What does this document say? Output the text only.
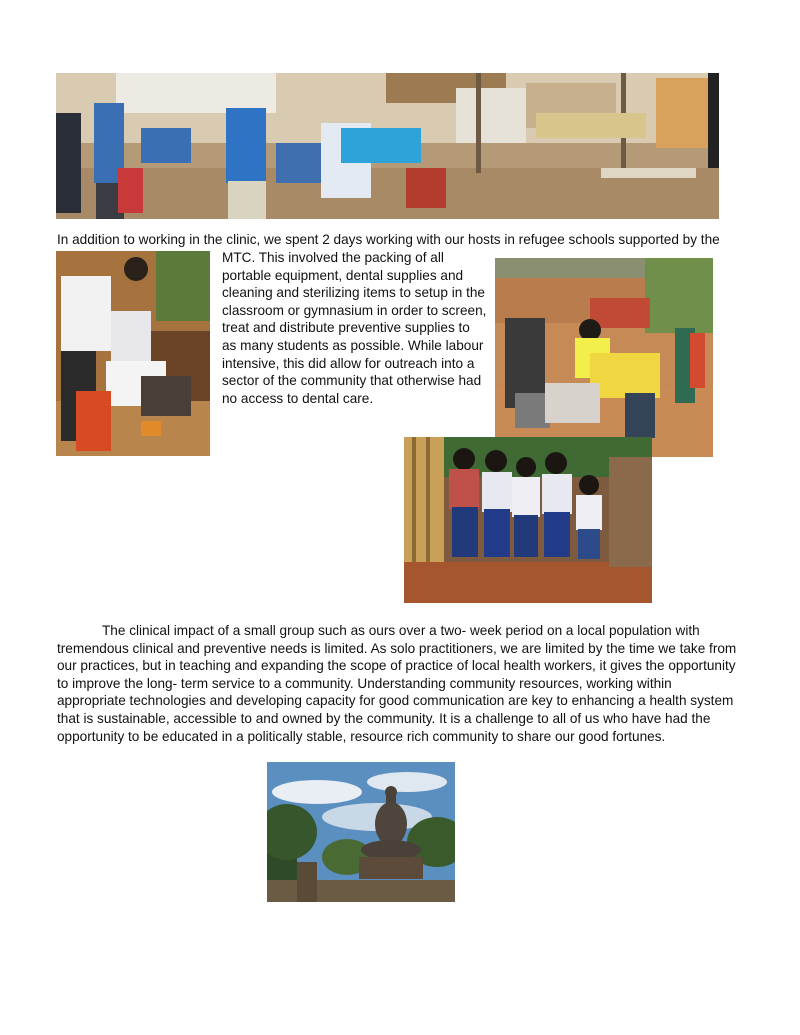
In addition to working in the clinic, we spent 2 days working with our hosts in refugee schools supported by the

MTC. This involved the packing of all
portable equipment, dental supplies and
cleaning and sterilizing items to setup in the
classroom or gymnasium in order to screen,
treat and distribute preventive supplies to
as many students as possible. While labour
intensive, this did allow for outreach into a
sector of the community that otherwise had
no access to dental care.
The clinical impact of a small group such as ours over a two- week period on a local population with
tremendous clinical and preventive needs is limited. As solo practitioners, we are limited by the time we take from
our practices, but in teaching and expanding the scope of practice of local health workers, it gives the opportunity
to improve the long- term service to a community. Understanding community resources, working within
appropriate technologies and developing capacity for good communication are key to enhancing a health system
that is sustainable, accessible to and owned by the community. It is a challenge to all of us who have had the
opportunity to be educated in a politically stable, resource rich community to share our good fortunes.
